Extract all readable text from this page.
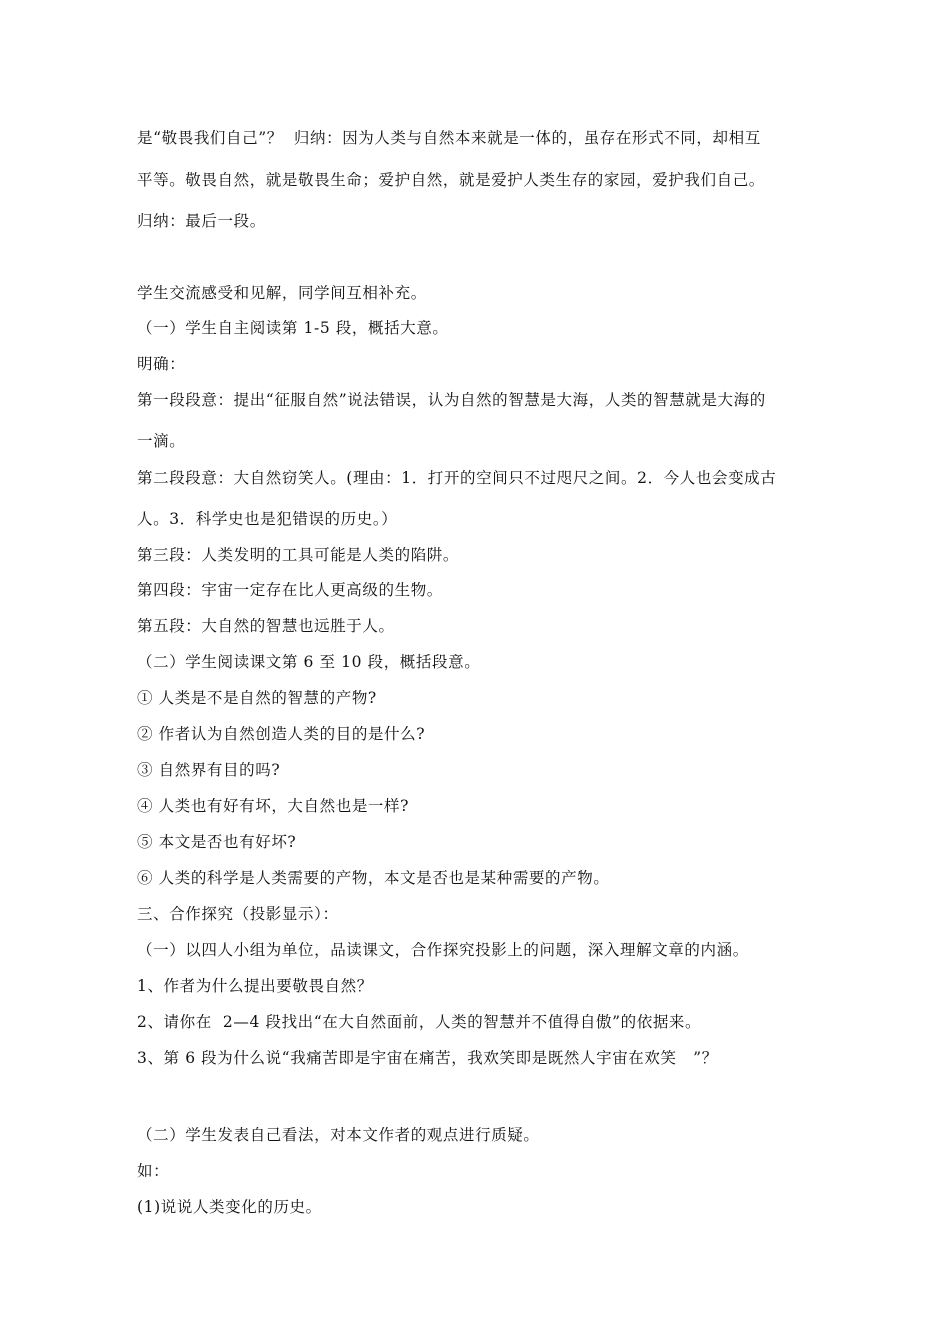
是“敬畏我们自己”？  归纳：因为人类与自然本来就是一体的，虽存在形式不同，却相互
平等。敬畏自然，就是敬畏生命；爱护自然，就是爱护人类生存的家园，爱护我们自己。
归纳：最后一段。
学生交流感受和见解，同学间互相补充。
（一）学生自主阅读第 1-5 段，概括大意。
明确：
第一段段意：提出“征服自然”说法错误，认为自然的智慧是大海，人类的智慧就是大海的
一滴。
第二段段意：大自然窃笑人。(理由：1．打开的空间只不过咫尺之间。2．今人也会变成古
人。3．科学史也是犯错误的历史。）
第三段：人类发明的工具可能是人类的陷阱。
第四段：宇宙一定存在比人更高级的生物。
第五段：大自然的智慧也远胜于人。
（二）学生阅读课文第 6 至 10 段，概括段意。
① 人类是不是自然的智慧的产物?
② 作者认为自然创造人类的目的是什么?
③ 自然界有目的吗?
④ 人类也有好有坏，大自然也是一样?
⑤ 本文是否也有好坏?
⑥ 人类的科学是人类需要的产物，本文是否也是某种需要的产物。
三、合作探究（投影显示）：
（一）以四人小组为单位，品读课文，合作探究投影上的问题，深入理解文章的内涵。
1、作者为什么提出要敬畏自然？
2、请你在  2—4 段找出“在大自然面前，人类的智慧并不值得自傲”的依据来。
3、第 6 段为什么说“我痛苦即是宇宙在痛苦，我欢笑即是既然人宇宙在欢笑   ”？
（二）学生发表自己看法，对本文作者的观点进行质疑。
如：
(1)说说人类变化的历史。
